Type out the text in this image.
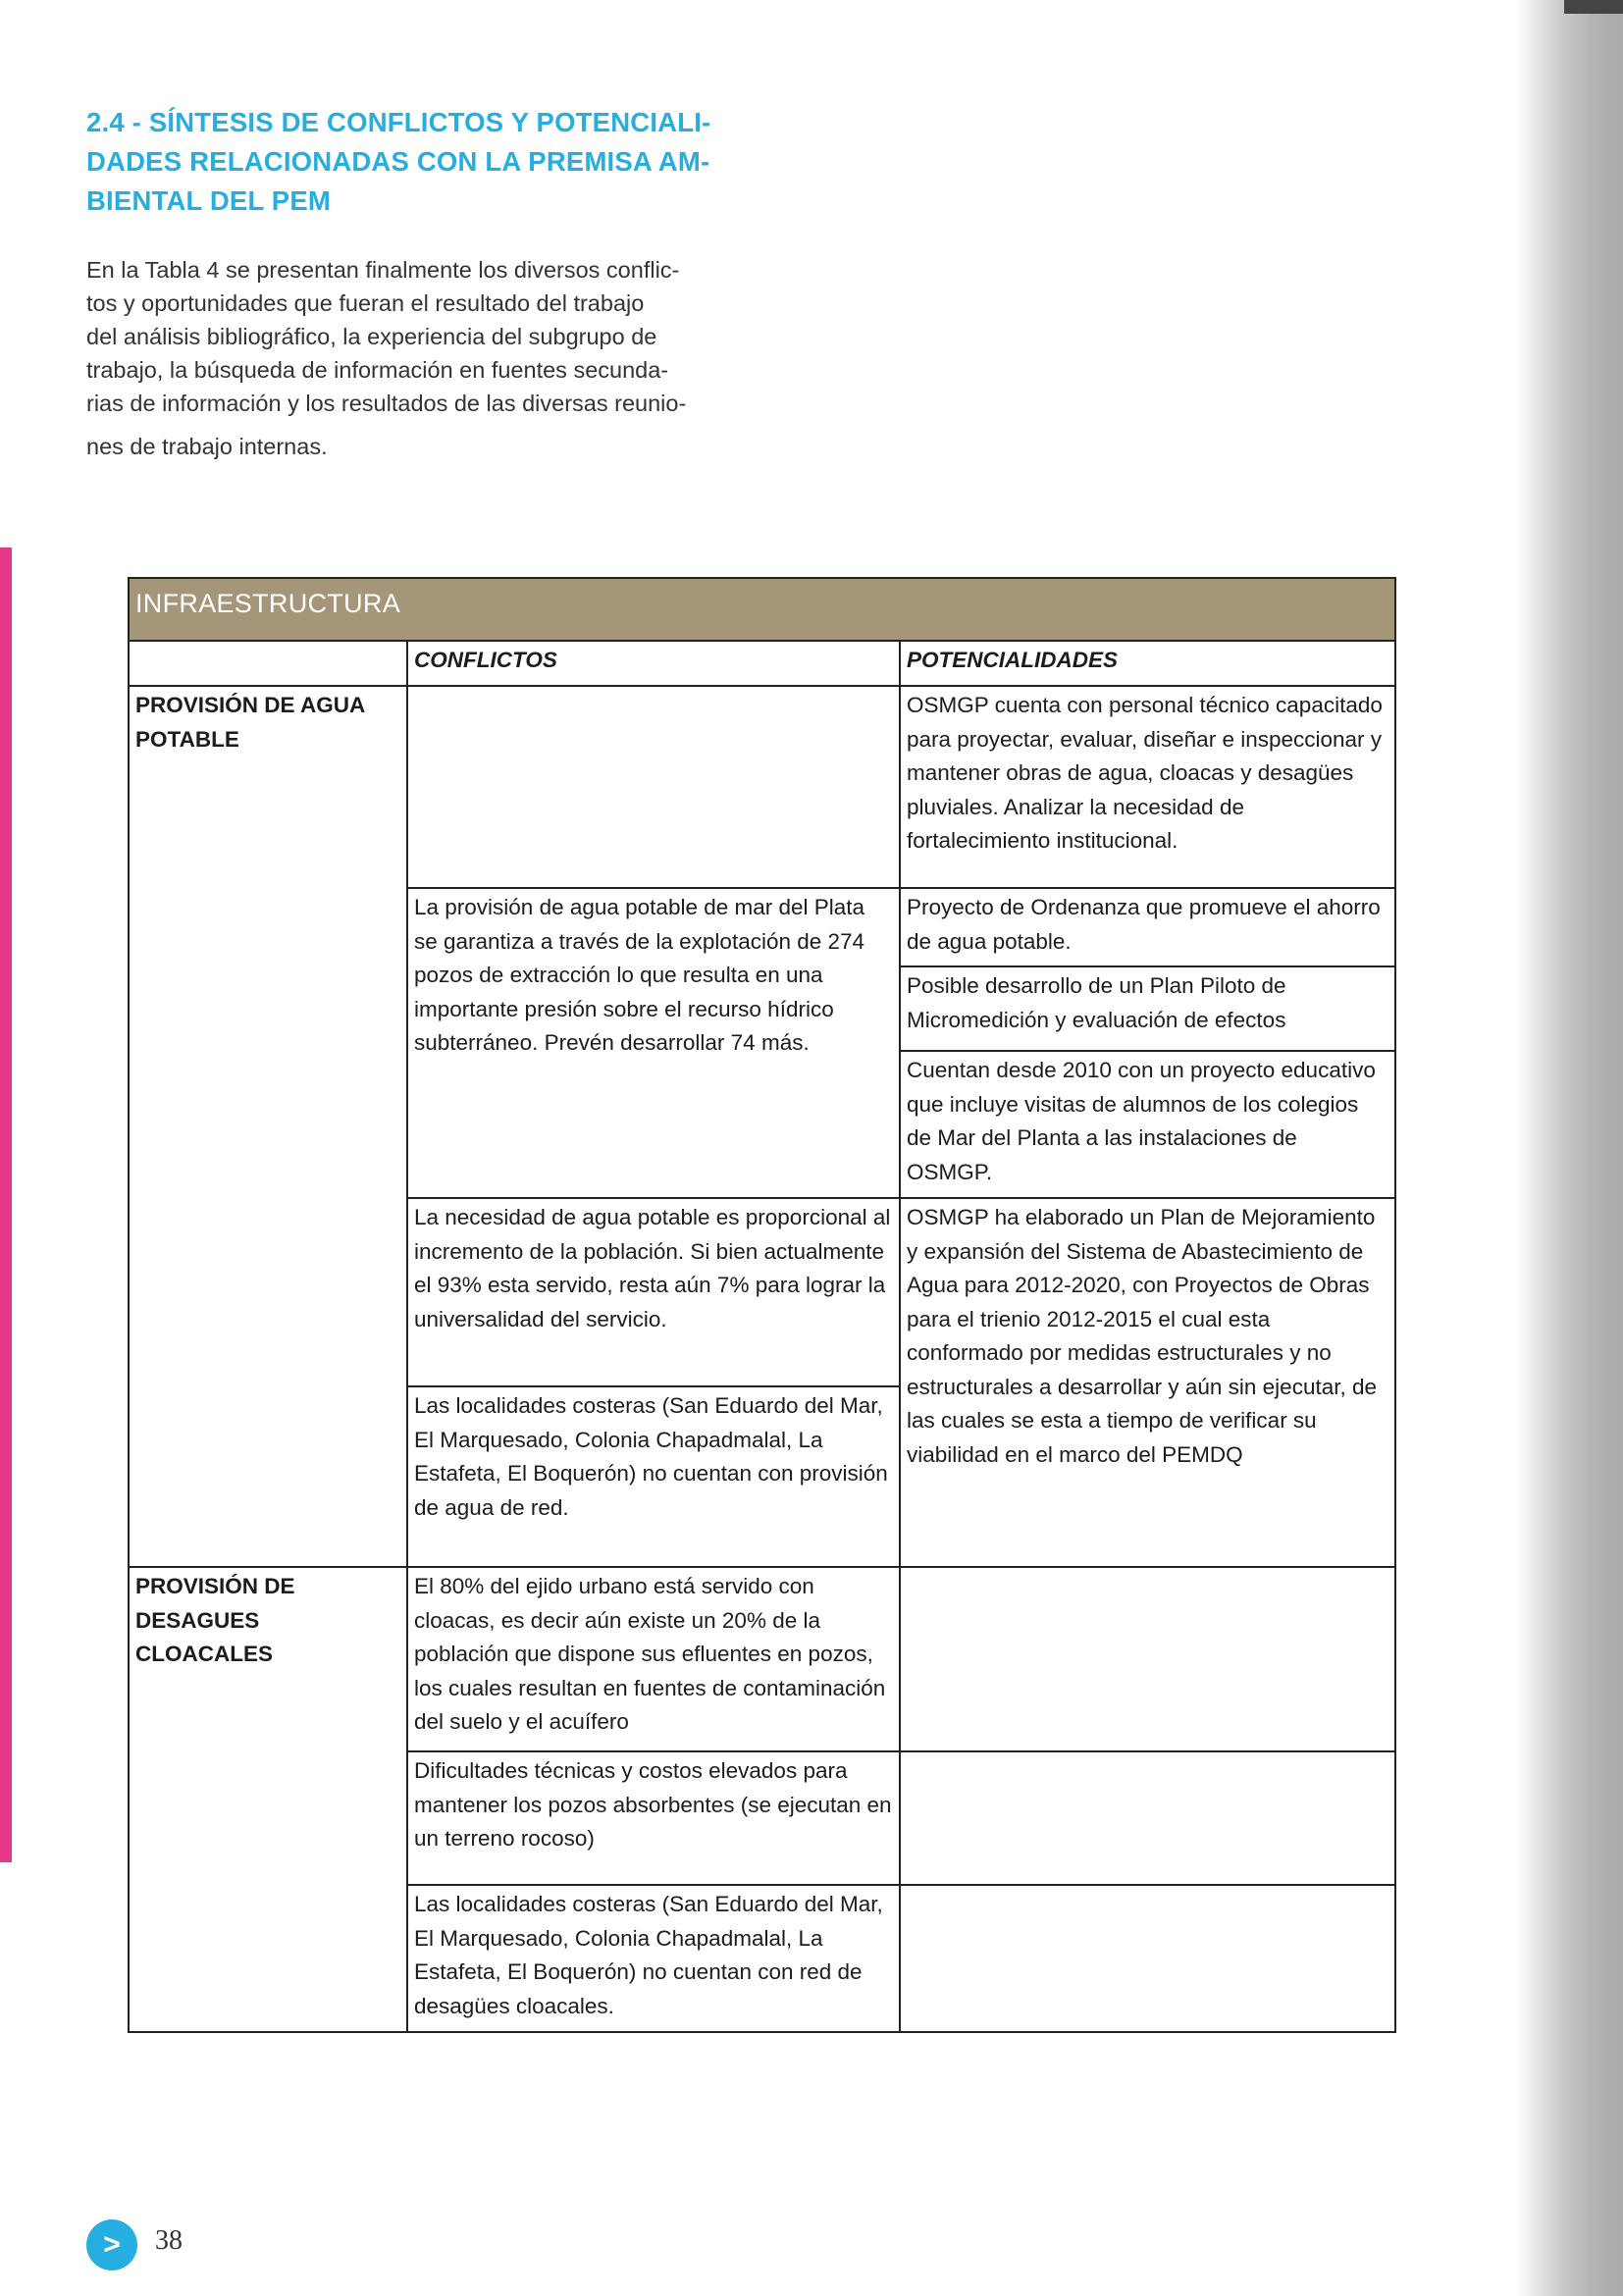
2.4 - SÍNTESIS DE CONFLICTOS Y POTENCIALI-
DADES RELACIONADAS CON LA PREMISA AM-
BIENTAL DEL PEM

En la Tabla 4 se presentan finalmente los diversos conflic-
tos y oportunidades que fueran el resultado del trabajo
del análisis bibliográfico, la experiencia del subgrupo de
trabajo, la búsqueda de información en fuentes secunda-
rias de información y los resultados de las diversas reunio-
nes de trabajo internas.

INFRAESTRUCTURA		
	CONFLICTOS	POTENCIALIDADES
PROVISIÓN DE AGUA POTABLE		OSMGP cuenta con personal técnico capacitado para proyectar, evaluar, diseñar e inspeccionar y mantener obras de agua, cloacas y desagües pluviales. Analizar la necesidad de fortalecimiento institucional.
	La provisión de agua potable de mar del Plata se garantiza a través de la explotación de 274 pozos de extracción lo que resulta en una importante presión sobre el recurso hídrico subterráneo. Prevén desarrollar 74 más.	Proyecto de Ordenanza que promueve el ahorro de agua potable.
		Posible desarrollo de un Plan Piloto de Micromedición y evaluación de efectos
		Cuentan desde 2010 con un proyecto educativo que incluye visitas de alumnos de los colegios de Mar del Planta a las instalaciones de OSMGP.
	La necesidad de agua potable es proporcional al incremento de la población. Si bien actualmente el 93% esta servido, resta aún 7% para lograr la universalidad del servicio.	OSMGP ha elaborado un Plan de Mejoramiento y expansión del Sistema de Abastecimiento de Agua para 2012-2020, con Proyectos de Obras para el trienio 2012-2015 el cual esta conformado por medidas estructurales y no estructurales a desarrollar y aún sin ejecutar, de las cuales se esta a tiempo de verificar su viabilidad en el marco del PEMDQ
	Las localidades costeras (San Eduardo del Mar, El Marquesado, Colonia Chapadmalal, La Estafeta, El Boquerón) no cuentan con provisión de agua de red.	

PROVISIÓN DE DESAGUES CLOACALES	El 80% del ejido urbano está servido con cloacas, es decir aún existe un 20% de la población que dispone sus efluentes en pozos, los cuales resultan en fuentes de contaminación del suelo y el acuífero	
	Dificultades técnicas y costos elevados para mantener los pozos absorbentes (se ejecutan en un terreno rocoso)	
	Las localidades costeras (San Eduardo del Mar, El Marquesado, Colonia Chapadmalal, La Estafeta, El Boquerón) no cuentan con red de desagües cloacales.	
>	38
